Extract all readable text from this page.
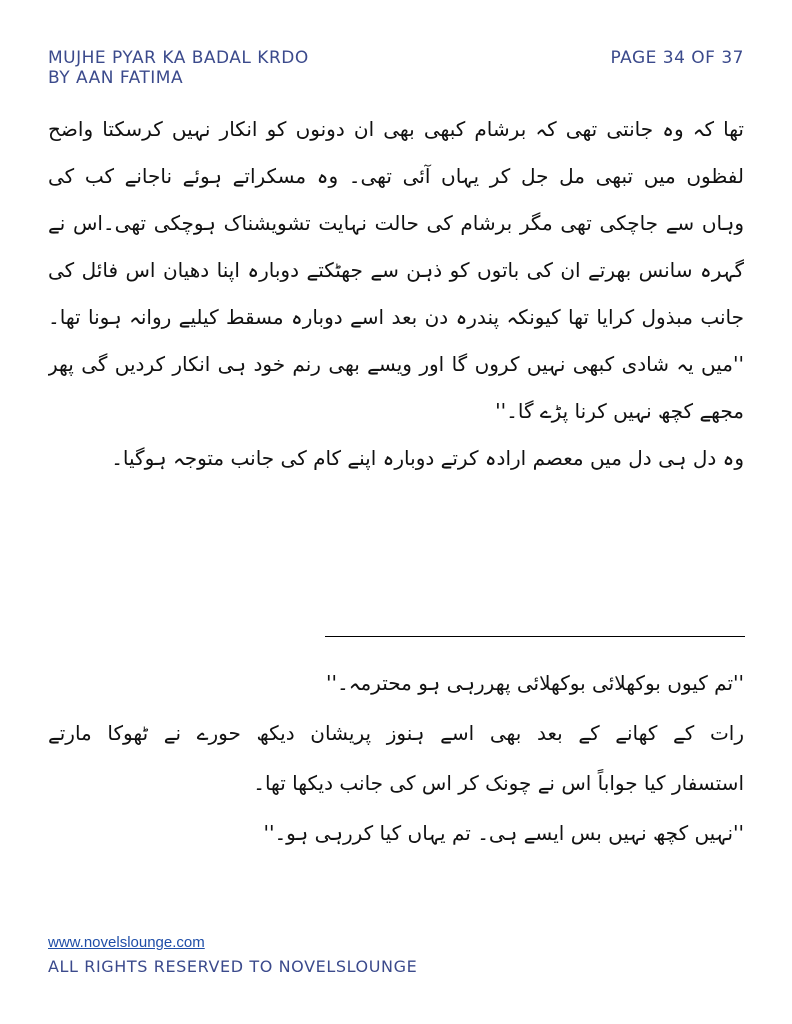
MUJHE PYAR KA BADAL KRDO
BY AAN FATIMA
PAGE 34 OF 37
تھا کہ وہ جانتی تھی کہ برشام کبھی بھی ان دونوں کو انکار نہیں کرسکتا واضح
لفظوں میں تبھی مل جل کر یہاں آئی تھی۔ وہ مسکراتے ہوئے ناجانے کب کی
وہاں سے جاچکی تھی مگر برشام کی حالت نہایت تشویشناک ہوچکی تھی۔اس نے
گہرہ سانس بھرتے ان کی باتوں کو ذہن سے جھٹکتے دوبارہ اپنا دھیان اس فائل کی
جانب مبذول کرایا تھا کیونکہ پندرہ دن بعد اسے دوبارہ مسقط کیلیے روانہ ہونا تھا۔
''میں یہ شادی کبھی نہیں کروں گا اور ویسے بھی رنم خود ہی انکار کردیں گی پھر
مجھے کچھ نہیں کرنا پڑے گا۔''
وہ دل ہی دل میں معصم ارادہ کرتے دوبارہ اپنے کام کی جانب متوجہ ہوگیا۔
''تم کیوں بوکھلائی بوکھلائی پھررہی ہو محترمہ۔''
رات کے کھانے کے بعد بھی اسے ہنوز پریشان دیکھ حورے نے ٹھوکا مارتے
استسفار کیا جواباً اس نے چونک کر اس کی جانب دیکھا تھا۔
''نہیں کچھ نہیں بس ایسے ہی۔ تم یہاں کیا کررہی ہو۔''
www.novelslounge.com
ALL RIGHTS RESERVED TO NOVELSLOUNGE
